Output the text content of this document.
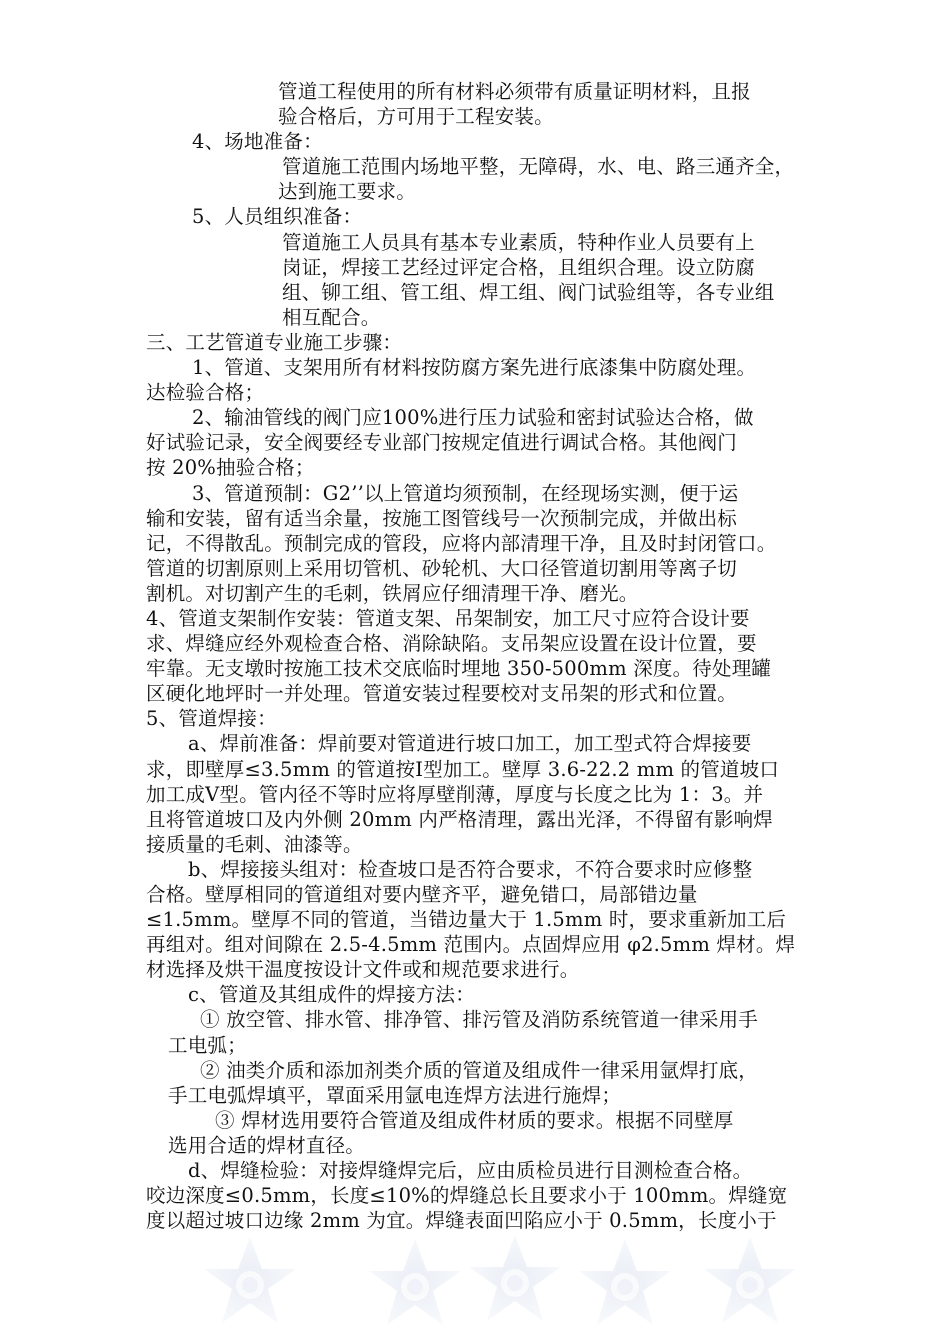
管道工程使用的所有材料必须带有质量证明材料，且报
验合格后，方可用于工程安装。
4、场地准备：
管道施工范围内场地平整，无障碍，水、电、路三通齐全，
达到施工要求。
5、人员组织准备：
管道施工人员具有基本专业素质，特种作业人员要有上
岗证，焊接工艺经过评定合格，且组织合理。设立防腐
组、铆工组、管工组、焊工组、阀门试验组等，各专业组
相互配合。
三、工艺管道专业施工步骤：
1、管道、支架用所有材料按防腐方案先进行底漆集中防腐处理。
达检验合格；
2、输油管线的阀门应100%进行压力试验和密封试验达合格，做
好试验记录，安全阀要经专业部门按规定值进行调试合格。其他阀门
按 20%抽验合格；
3、管道预制：G2’’以上管道均须预制，在经现场实测，便于运
输和安装，留有适当余量，按施工图管线号一次预制完成，并做出标
记，不得散乱。预制完成的管段，应将内部清理干净，且及时封闭管口。
管道的切割原则上采用切管机、砂轮机、大口径管道切割用等离子切
割机。对切割产生的毛刺，铁屑应仔细清理干净、磨光。
4、管道支架制作安装：管道支架、吊架制安，加工尺寸应符合设计要
求、焊缝应经外观检查合格、消除缺陷。支吊架应设置在设计位置，要
牢靠。无支墩时按施工技术交底临时埋地 350-500mm 深度。待处理罐
区硬化地坪时一并处理。管道安装过程要校对支吊架的形式和位置。
5、管道焊接：
a、焊前准备：焊前要对管道进行坡口加工，加工型式符合焊接要
求，即壁厚≤3.5mm 的管道按Ⅰ型加工。壁厚 3.6-22.2 mm 的管道坡口
加工成Ⅴ型。管内径不等时应将厚壁削薄，厚度与长度之比为 1：3。并
且将管道坡口及内外侧 20mm 内严格清理，露出光泽，不得留有影响焊
接质量的毛刺、油漆等。
b、焊接接头组对：检查坡口是否符合要求，不符合要求时应修整
合格。壁厚相同的管道组对要内壁齐平，避免错口，局部错边量
≤1.5mm。壁厚不同的管道，当错边量大于 1.5mm 时，要求重新加工后
再组对。组对间隙在 2.5-4.5mm 范围内。点固焊应用 φ2.5mm 焊材。焊
材选择及烘干温度按设计文件或和规范要求进行。
c、管道及其组成件的焊接方法：
① 放空管、排水管、排净管、排污管及消防系统管道一律采用手
工电弧；
② 油类介质和添加剂类介质的管道及组成件一律采用氩焊打底，
手工电弧焊填平，罩面采用氩电连焊方法进行施焊；
③ 焊材选用要符合管道及组成件材质的要求。根据不同壁厚
选用合适的焊材直径。
d、焊缝检验：对接焊缝焊完后，应由质检员进行目测检查合格。
咬边深度≤0.5mm，长度≤10%的焊缝总长且要求小于 100mm。焊缝宽
度以超过坡口边缘 2mm 为宜。焊缝表面凹陷应小于 0.5mm，长度小于
